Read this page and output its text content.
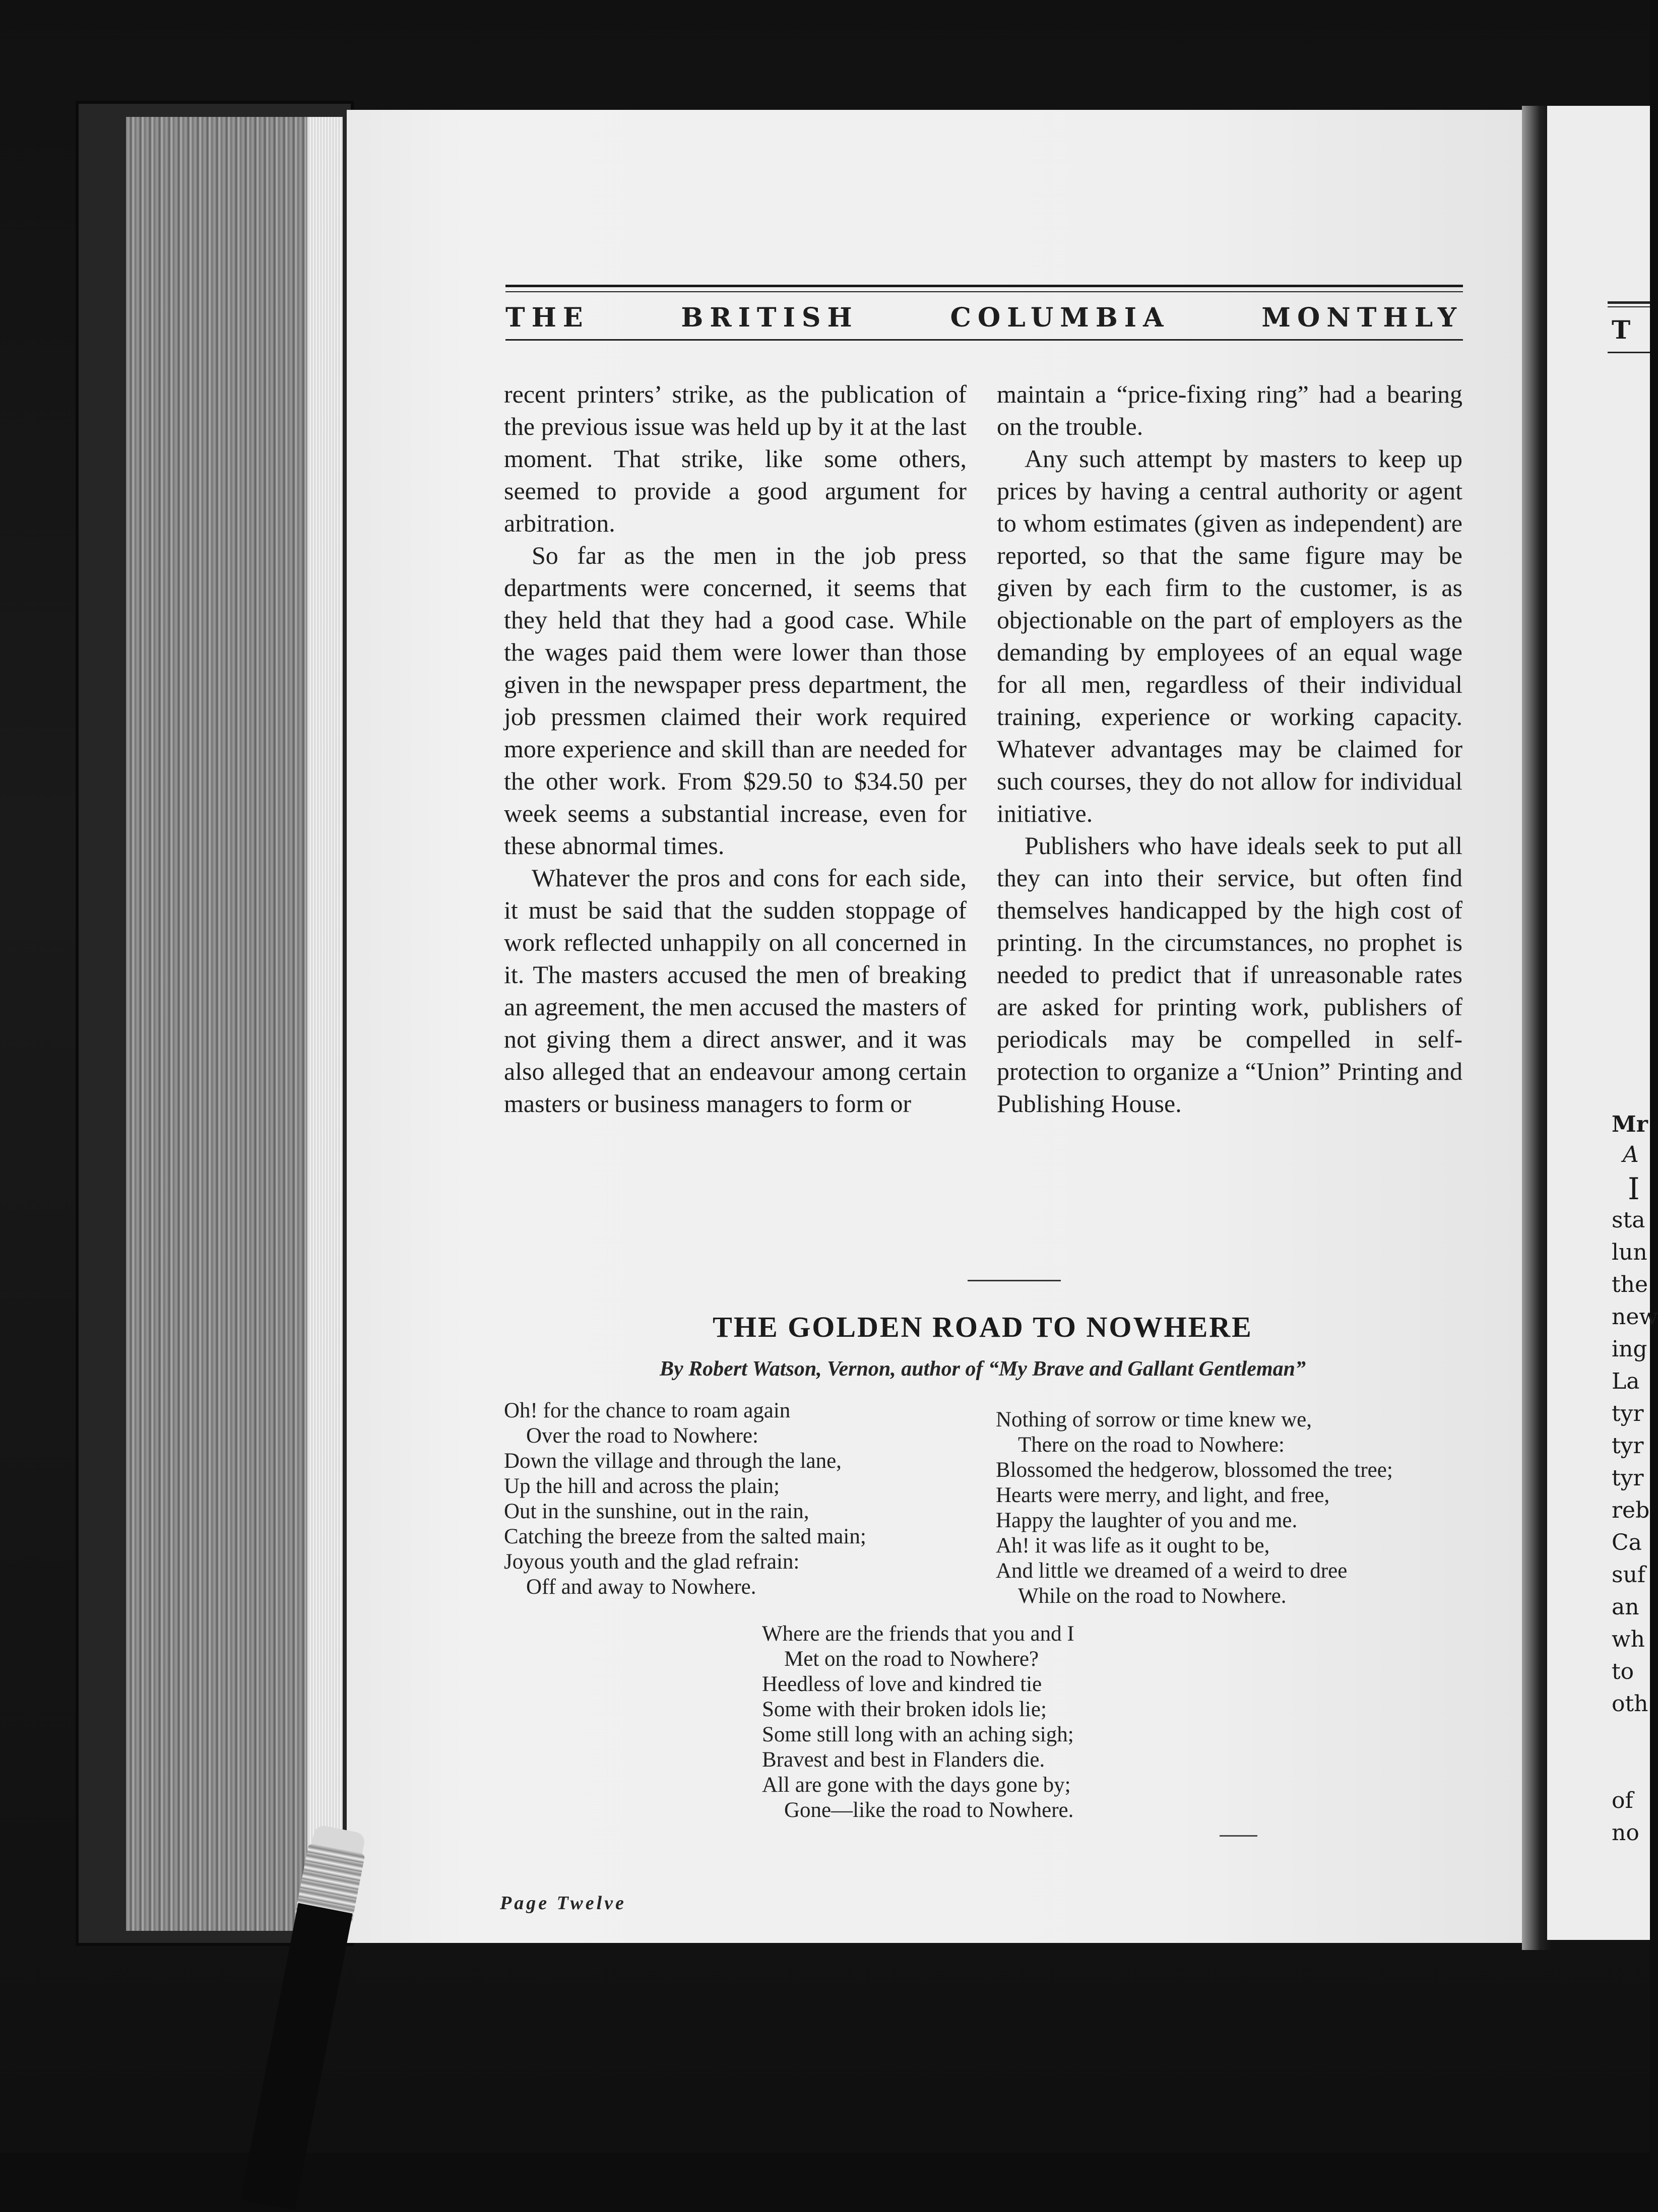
THE	BRITISH	COLUMBIA	MONTHLY

recent printers’ strike, as the publication of the previous issue was held up by it at the last moment. That strike, like some others, seemed to provide a good argument for arbitration.

So far as the men in the job press departments were concerned, it seems that they held that they had a good case. While the wages paid them were lower than those given in the newspaper press department, the job pressmen claimed their work required more experience and skill than are needed for the other work. From $29.50 to $34.50 per week seems a substantial increase, even for these abnormal times.

Whatever the pros and cons for each side, it must be said that the sudden stoppage of work reflected unhappily on all concerned in it. The masters accused the men of breaking an agreement, the men accused the masters of not giving them a direct answer, and it was also alleged that an endeavour among certain masters or business managers to form or

maintain a “price-fixing ring” had a bearing on the trouble.

Any such attempt by masters to keep up prices by having a central authority or agent to whom estimates (given as independent) are reported, so that the same figure may be given by each firm to the customer, is as objectionable on the part of employers as the demanding by employees of an equal wage for all men, regardless of their individual training, experience or working capacity. Whatever advantages may be claimed for such courses, they do not allow for individual initiative.

Publishers who have ideals seek to put all they can into their service, but often find themselves handicapped by the high cost of printing. In the circumstances, no prophet is needed to predict that if unreasonable rates are asked for printing work, publishers of periodicals may be compelled in self-protection to organize a “Union” Printing and Publishing House.

THE GOLDEN ROAD TO NOWHERE
By Robert Watson, Vernon, author of “My Brave and Gallant Gentleman”
Oh! for the chance to roam again
Over the road to Nowhere:
Down the village and through the lane,
Up the hill and across the plain;
Out in the sunshine, out in the rain,
Catching the breeze from the salted main;
Joyous youth and the glad refrain:
Off and away to Nowhere.
Nothing of sorrow or time knew we,
There on the road to Nowhere:
Blossomed the hedgerow, blossomed the tree;
Hearts were merry, and light, and free,
Happy the laughter of you and me.
Ah! it was life as it ought to be,
And little we dreamed of a weird to dree
While on the road to Nowhere.
Where are the friends that you and I
Met on the road to Nowhere?
Heedless of love and kindred tie
Some with their broken idols lie;
Some still long with an aching sigh;
Bravest and best in Flanders die.
All are gone with the days gone by;
Gone—like the road to Nowhere.
Page Twelve
T
Mr
A
I
sta
lun
the
new
ing
La
tyr
tyr
tyr
reb
Ca
suf
an
wh
to
oth
of
no
